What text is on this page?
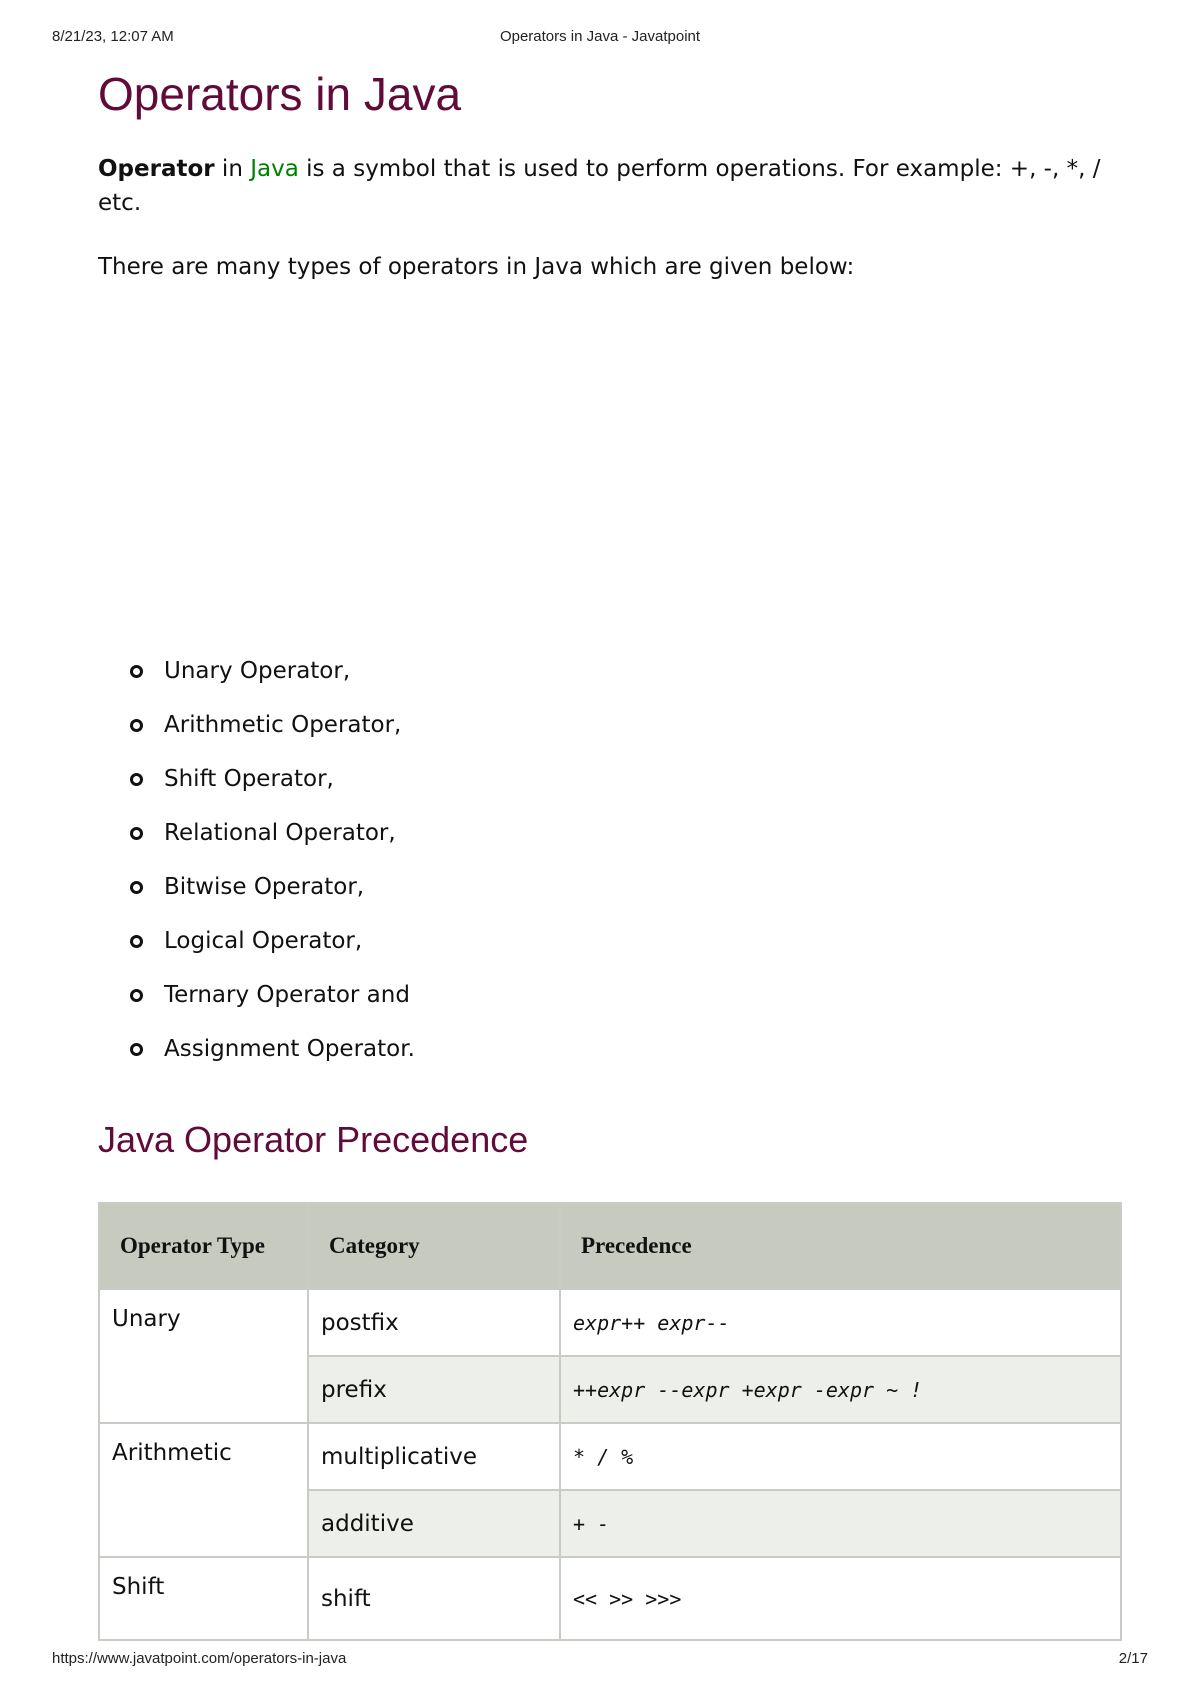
8/21/23, 12:07 AM	Operators in Java - Javatpoint
Operators in Java

Operator in Java is a symbol that is used to perform operations. For example: +, -, *, / etc.

There are many types of operators in Java which are given below:

Unary Operator,
Arithmetic Operator,
Shift Operator,
Relational Operator,
Bitwise Operator,
Logical Operator,
Ternary Operator and
Assignment Operator.
Java Operator Precedence
Operator Type	Category	Precedence
Unary	postfix	expr++ expr--
	prefix	++expr --expr +expr -expr ~ !
Arithmetic	multiplicative	* / %
	additive	+ -
Shift	shift	<< >> >>>
https://www.javatpoint.com/operators-in-java	2/17
